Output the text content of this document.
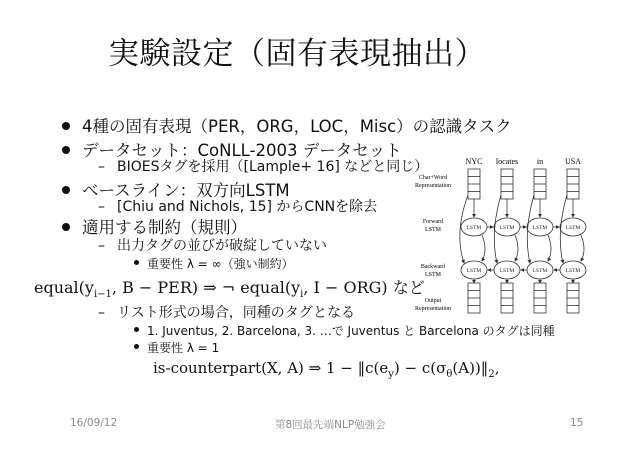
実験設定（固有表現抽出）
4種の固有表現（PER，ORG，LOC，Misc）の認識タスク
データセット：CoNLL-2003 データセット
– BIOESタグを採用（[Lample+ 16] などと同じ）
ベースライン：双方向LSTM
– [Chiu and Nichols, 15] からCNNを除去
適用する制約（規則）
– 出力タグの並びが破綻していない
重要性 λ = ∞（強い制約）
$equal(y_{i-1}$, B − PER) ⇒ ¬ $equal(y_i$, I − ORG) など
– リスト形式の場合，同種のタグとなる
1. Juventus, 2. Barcelona, 3. …で Juventus と Barcelona のタグは同種
重要性 λ = 1
is-counterpart(X, A) ⇒ $1 - ‖c(e_y)$ − $c(\sigma_\theta(A))‖_2$,
NYC locates in	USA
Char+Word
Representation
Forward
LSTM
Backward
LSTM
Output
Representation
LSTM	LSTM	LSTM	LSTM
LSTM	LSTM	LSTM	LSTM
16/09/12	第8回最先端NLP勉強会	15
